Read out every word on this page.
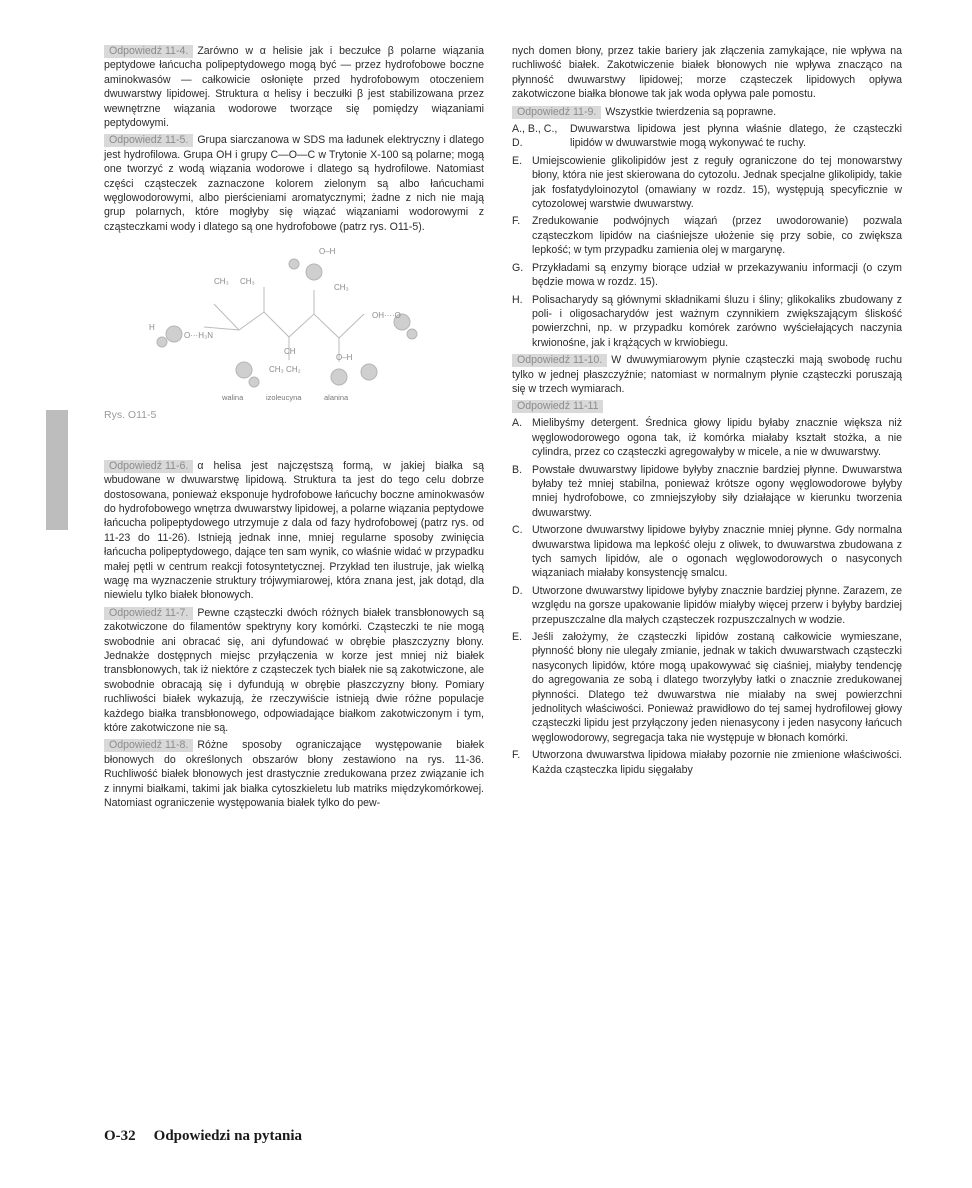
Odpowiedź 11-4. Zarówno w α helisie jak i beczułce β polarne wiązania peptydowe łańcucha polipeptydowego mogą być — przez hydrofobowe boczne aminokwasów — całkowicie osłonięte przed hydrofobowym otoczeniem dwuwarstwy lipidowej. Struktura α helisy i beczułki β jest stabilizowana przez wewnętrzne wiązania wodorowe tworzące się pomiędzy wiązaniami peptydowymi.

Odpowiedź 11-5. Grupa siarczanowa w SDS ma ładunek elektryczny i dlatego jest hydrofilowa. Grupa OH i grupy C—O—C w Trytonie X-100 są polarne; mogą one tworzyć z wodą wiązania wodorowe i dlatego są hydrofilowe. Natomiast części cząsteczek zaznaczone kolorem zielonym są albo łańcuchami węglowodorowymi, albo pierścieniami aromatycznymi; żadne z nich nie mają grup polarnych, które mogłyby się wiązać wiązaniami wodorowymi z cząsteczkami wody i dlatego są one hydrofobowe (patrz rys. O11-5).

CH₃ CH₃
O–H
H
O···H₃N
CH₃
OH····O
CH
CH₃ CH₂
O–H
walina	izoleucyna	alanina
Rys. O11-5

Odpowiedź 11-6. α helisa jest najczęstszą formą, w jakiej białka są wbudowane w dwuwarstwę lipidową. Struktura ta jest do tego celu dobrze dostosowana, ponieważ eksponuje hydrofobowe łańcuchy boczne aminokwasów do hydrofobowego wnętrza dwuwarstwy lipidowej, a polarne wiązania peptydowe łańcucha polipeptydowego utrzymuje z dala od fazy hydrofobowej (patrz rys. od 11-23 do 11-26). Istnieją jednak inne, mniej regularne sposoby zwinięcia łańcucha polipeptydowego, dające ten sam wynik, co właśnie widać w przypadku małej pętli w centrum reakcji fotosyntetycznej. Przykład ten ilustruje, jak wielką wagę ma wyznaczenie struktury trójwymiarowej, która znana jest, jak dotąd, dla niewielu tylko białek błonowych.

Odpowiedź 11-7. Pewne cząsteczki dwóch różnych białek transbłonowych są zakotwiczone do filamentów spektryny kory komórki. Cząsteczki te nie mogą swobodnie ani obracać się, ani dyfundować w obrębie płaszczyzny błony. Jednakże dostępnych miejsc przyłączenia w korze jest mniej niż białek transbłonowych, tak iż niektóre z cząsteczek tych białek nie są zakotwiczone, ale swobodnie obracają się i dyfundują w obrębie płaszczyzny błony. Pomiary ruchliwości białek wykazują, że rzeczywiście istnieją dwie różne populacje każdego białka transbłonowego, odpowiadające białkom zakotwiczonym i tym, które zakotwiczone nie są.

Odpowiedź 11-8. Różne sposoby ograniczające występowanie białek błonowych do określonych obszarów błony zestawiono na rys. 11-36. Ruchliwość białek błonowych jest drastycznie zredukowana przez związanie ich z innymi białkami, takimi jak białka cytoszkieletu lub matriks międzykomórkowej. Natomiast ograniczenie występowania białek tylko do pew-

nych domen błony, przez takie bariery jak złączenia zamykające, nie wpływa na ruchliwość białek. Zakotwiczenie białek błonowych nie wpływa znacząco na płynność dwuwarstwy lipidowej; morze cząsteczek lipidowych opływa zakotwiczone białka błonowe tak jak woda opływa pale pomostu.

Odpowiedź 11-9. Wszystkie twierdzenia są poprawne.

A., B., C., D.
Dwuwarstwa lipidowa jest płynna właśnie dlatego, że cząsteczki lipidów w dwuwarstwie mogą wykonywać te ruchy.
E. Umiejscowienie glikolipidów jest z reguły ograniczone do tej monowarstwy błony, która nie jest skierowana do cytozolu. Jednak specjalne glikolipidy, takie jak fosfatydyloinozytol (omawiany w rozdz. 15), występują specyficznie w cytozolowej warstwie dwuwarstwy.
F.	Zredukowanie podwójnych wiązań (przez uwodorowanie) pozwala cząsteczkom lipidów na ciaśniejsze ułożenie się przy sobie, co zwiększa lepkość; w tym przypadku zamienia olej w margarynę.
G. Przykładami są enzymy biorące udział w przekazywaniu informacji (o czym będzie mowa w rozdz. 15).
H. Polisacharydy są głównymi składnikami śluzu i śliny; glikokaliks zbudowany z poli- i oligosacharydów jest ważnym czynnikiem zwiększającym śliskość powierzchni, np. w przypadku komórek zarówno wyściełających naczynia krwionośne, jak i krążących w krwiobiegu.

Odpowiedź 11-10. W dwuwymiarowym płynie cząsteczki mają swobodę ruchu tylko w jednej płaszczyźnie; natomiast w normalnym płynie cząsteczki poruszają się w trzech wymiarach.

Odpowiedź 11-11
A. Mielibyśmy detergent. Średnica głowy lipidu byłaby znacznie większa niż węglowodorowego ogona tak, iż komórka miałaby kształt stożka, a nie cylindra, przez co cząsteczki agregowałyby w micele, a nie w dwuwarstwy.
B. Powstałe dwuwarstwy lipidowe byłyby znacznie bardziej płynne. Dwuwarstwa byłaby też mniej stabilna, ponieważ krótsze ogony węglowodorowe byłyby mniej hydrofobowe, co zmniejszyłoby siły działające w kierunku tworzenia dwuwarstwy.
C. Utworzone dwuwarstwy lipidowe byłyby znacznie mniej płynne. Gdy normalna dwuwarstwa lipidowa ma lepkość oleju z oliwek, to dwuwarstwa zbudowana z tych samych lipidów, ale o ogonach węglowodorowych o nasyconych wiązaniach miałaby konsystencję smalcu.
D. Utworzone dwuwarstwy lipidowe byłyby znacznie bardziej płynne. Zarazem, ze względu na gorsze upakowanie lipidów miałyby więcej przerw i byłyby bardziej przepuszczalne dla małych cząsteczek rozpuszczalnych w wodzie.
E. Jeśli założymy, że cząsteczki lipidów zostaną całkowicie wymieszane, płynność błony nie ulegały zmianie, jednak w takich dwuwarstwach cząsteczki nasyconych lipidów, które mogą upakowywać się ciaśniej, miałyby tendencję do agregowania ze sobą i dlatego tworzyłyby łatki o znacznie zredukowanej płynności. Dlatego też dwuwarstwa nie miałaby na swej powierzchni jednolitych właściwości. Ponieważ prawidłowo do tej samej hydrofilowej głowy cząsteczki lipidu jest przyłączony jeden nienasycony i jeden nasycony łańcuch węglowodorowy, segregacja taka nie występuje w błonach komórki.
F.	Utworzona dwuwarstwa lipidowa miałaby pozornie nie zmienione właściwości. Każda cząsteczka lipidu sięgałaby
O-32 Odpowiedzi na pytania
